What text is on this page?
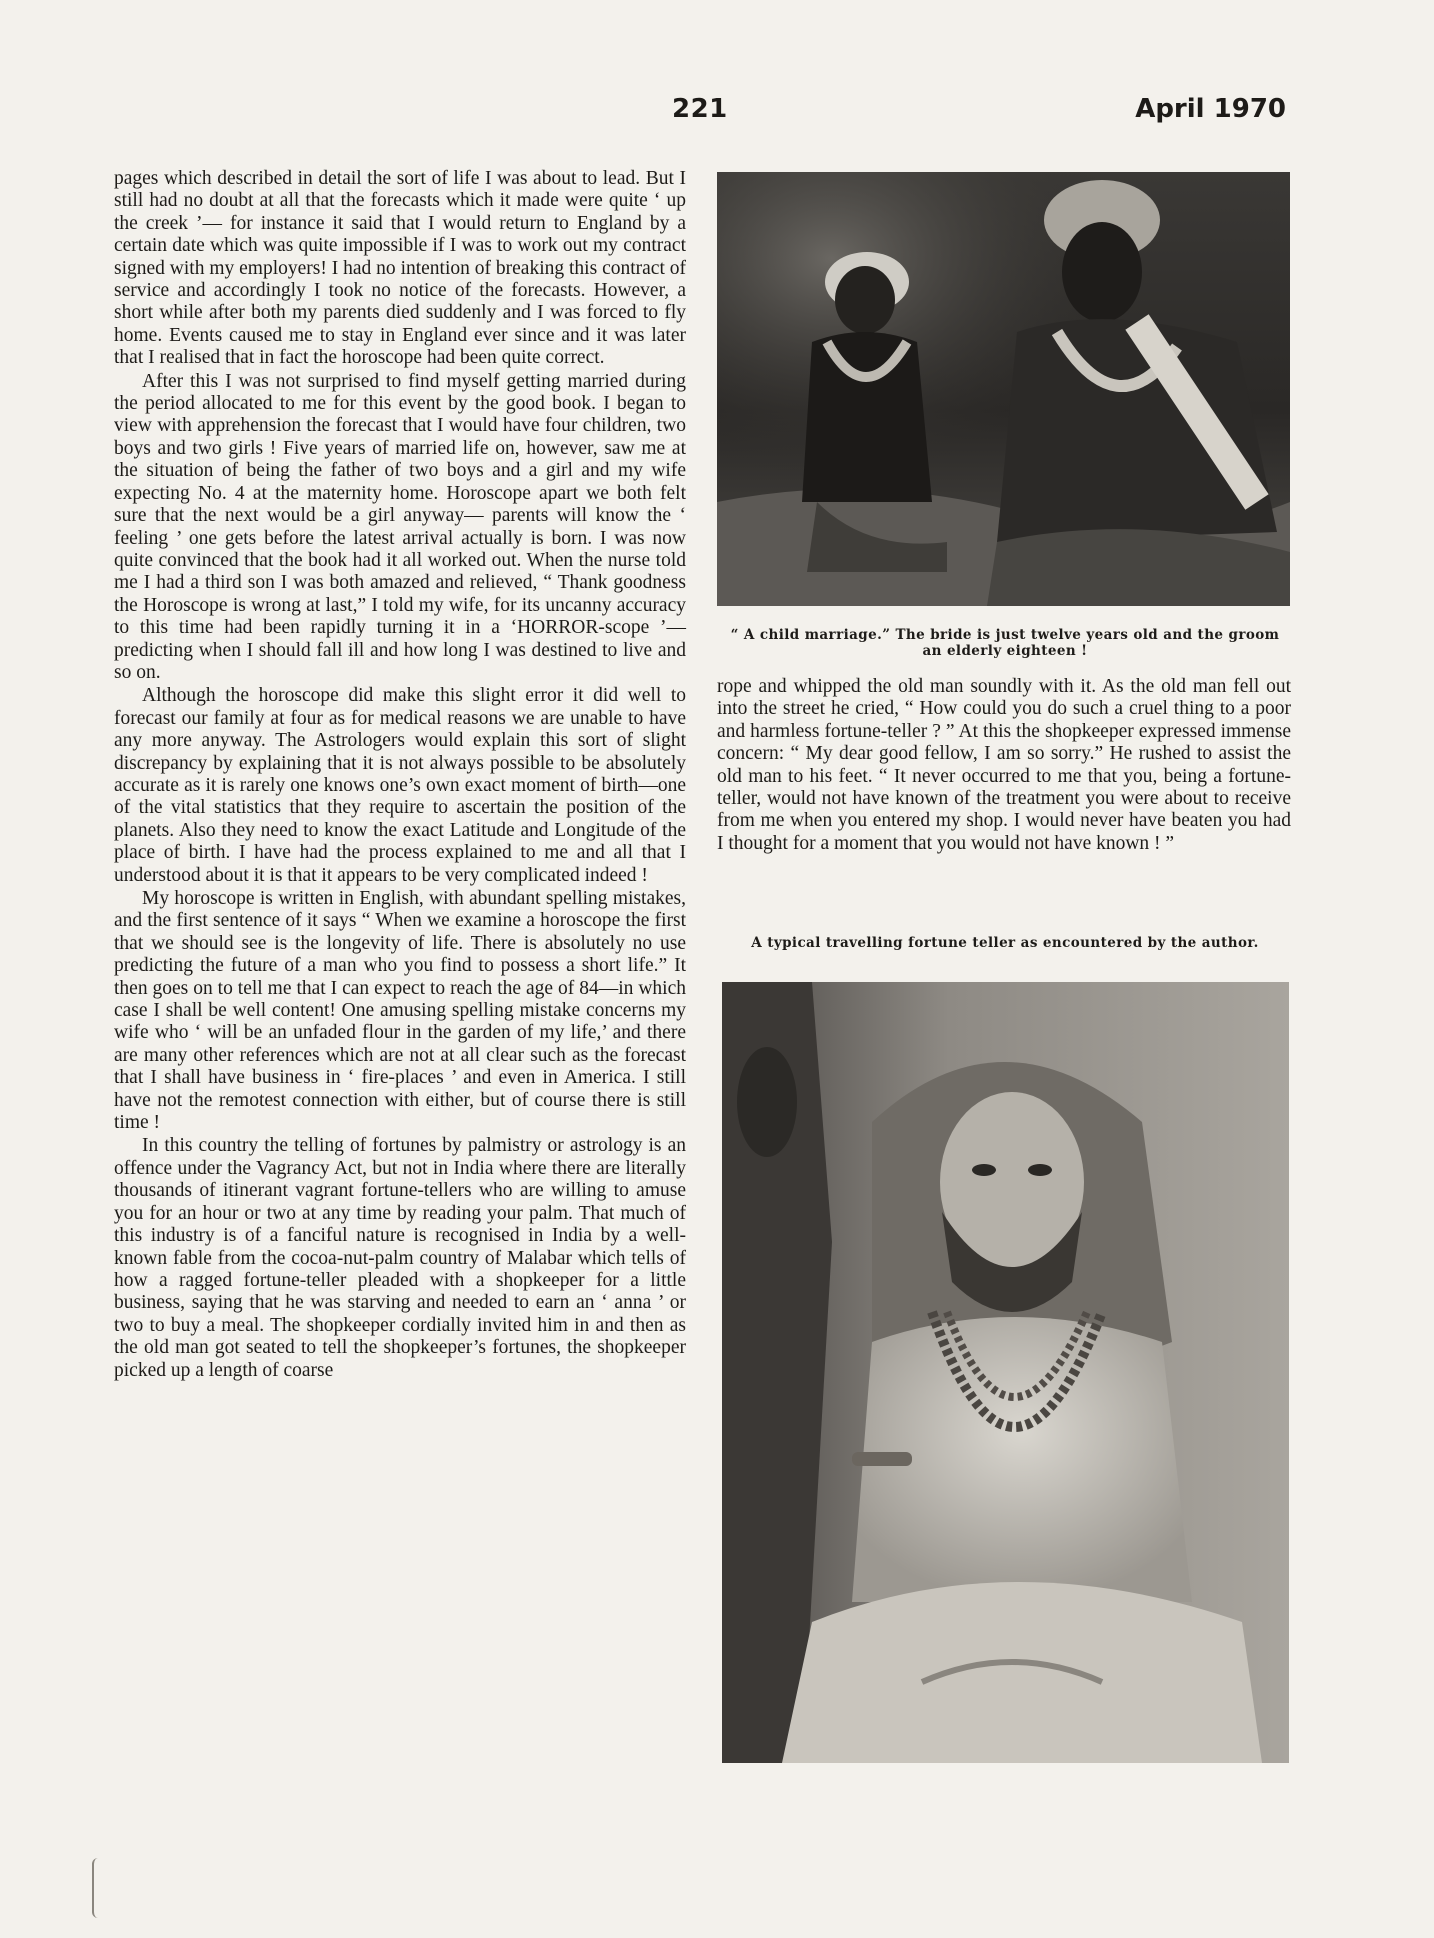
221	April 1970

pages which described in detail the sort of life I was about to lead. But I still had no doubt at all that the forecasts which it made were quite ‘ up the creek ’— for instance it said that I would return to England by a certain date which was quite impossible if I was to work out my contract signed with my employers! I had no intention of breaking this contract of service and accordingly I took no notice of the forecasts. However, a short while after both my parents died suddenly and I was forced to fly home. Events caused me to stay in England ever since and it was later that I realised that in fact the horoscope had been quite correct.

After this I was not surprised to find myself getting married during the period allocated to me for this event by the good book. I began to view with apprehension the forecast that I would have four children, two boys and two girls ! Five years of married life on, however, saw me at the situation of being the father of two boys and a girl and my wife expecting No. 4 at the maternity home. Horoscope apart we both felt sure that the next would be a girl anyway— parents will know the ‘ feeling ’ one gets before the latest arrival actually is born. I was now quite convinced that the book had it all worked out. When the nurse told me I had a third son I was both amazed and relieved, “ Thank goodness the Horoscope is wrong at last,” I told my wife, for its uncanny accuracy to this time had been rapidly turning it in a ‘HORROR-scope ’—predicting when I should fall ill and how long I was destined to live and so on.

Although the horoscope did make this slight error it did well to forecast our family at four as for medical reasons we are unable to have any more anyway. The Astrologers would explain this sort of slight discrepancy by explaining that it is not always possible to be absolutely accurate as it is rarely one knows one’s own exact moment of birth—one of the vital statistics that they require to ascertain the position of the planets. Also they need to know the exact Latitude and Longitude of the place of birth. I have had the process explained to me and all that I understood about it is that it appears to be very complicated indeed !

My horoscope is written in English, with abundant spelling mistakes, and the first sentence of it says “ When we examine a horoscope the first that we should see is the longevity of life. There is absolutely no use predicting the future of a man who you find to possess a short life.” It then goes on to tell me that I can expect to reach the age of 84—in which case I shall be well content! One amusing spelling mistake concerns my wife who ‘ will be an unfaded flour in the garden of my life,’ and there are many other references which are not at all clear such as the forecast that I shall have business in ‘ fire-places ’ and even in America. I still have not the remotest connection with either, but of course there is still time !

In this country the telling of fortunes by palmistry or astrology is an offence under the Vagrancy Act, but not in India where there are literally thousands of itinerant vagrant fortune-tellers who are willing to amuse you for an hour or two at any time by reading your palm. That much of this industry is of a fanciful nature is recognised in India by a well-known fable from the cocoa-nut-palm country of Malabar which tells of how a ragged fortune-teller pleaded with a shopkeeper for a little business, saying that he was starving and needed to earn an ‘ anna ’ or two to buy a meal. The shopkeeper cordially invited him in and then as the old man got seated to tell the shopkeeper’s fortunes, the shopkeeper picked up a length of coarse

“ A child marriage.” The bride is just twelve years old and the groom an elderly eighteen !

rope and whipped the old man soundly with it. As the old man fell out into the street he cried, “ How could you do such a cruel thing to a poor and harmless fortune-teller ? ” At this the shopkeeper expressed immense concern: “ My dear good fellow, I am so sorry.” He rushed to assist the old man to his feet. “ It never occurred to me that you, being a fortune-teller, would not have known of the treatment you were about to receive from me when you entered my shop. I would never have beaten you had I thought for a moment that you would not have known ! ”

A typical travelling fortune teller as encountered by the author.
